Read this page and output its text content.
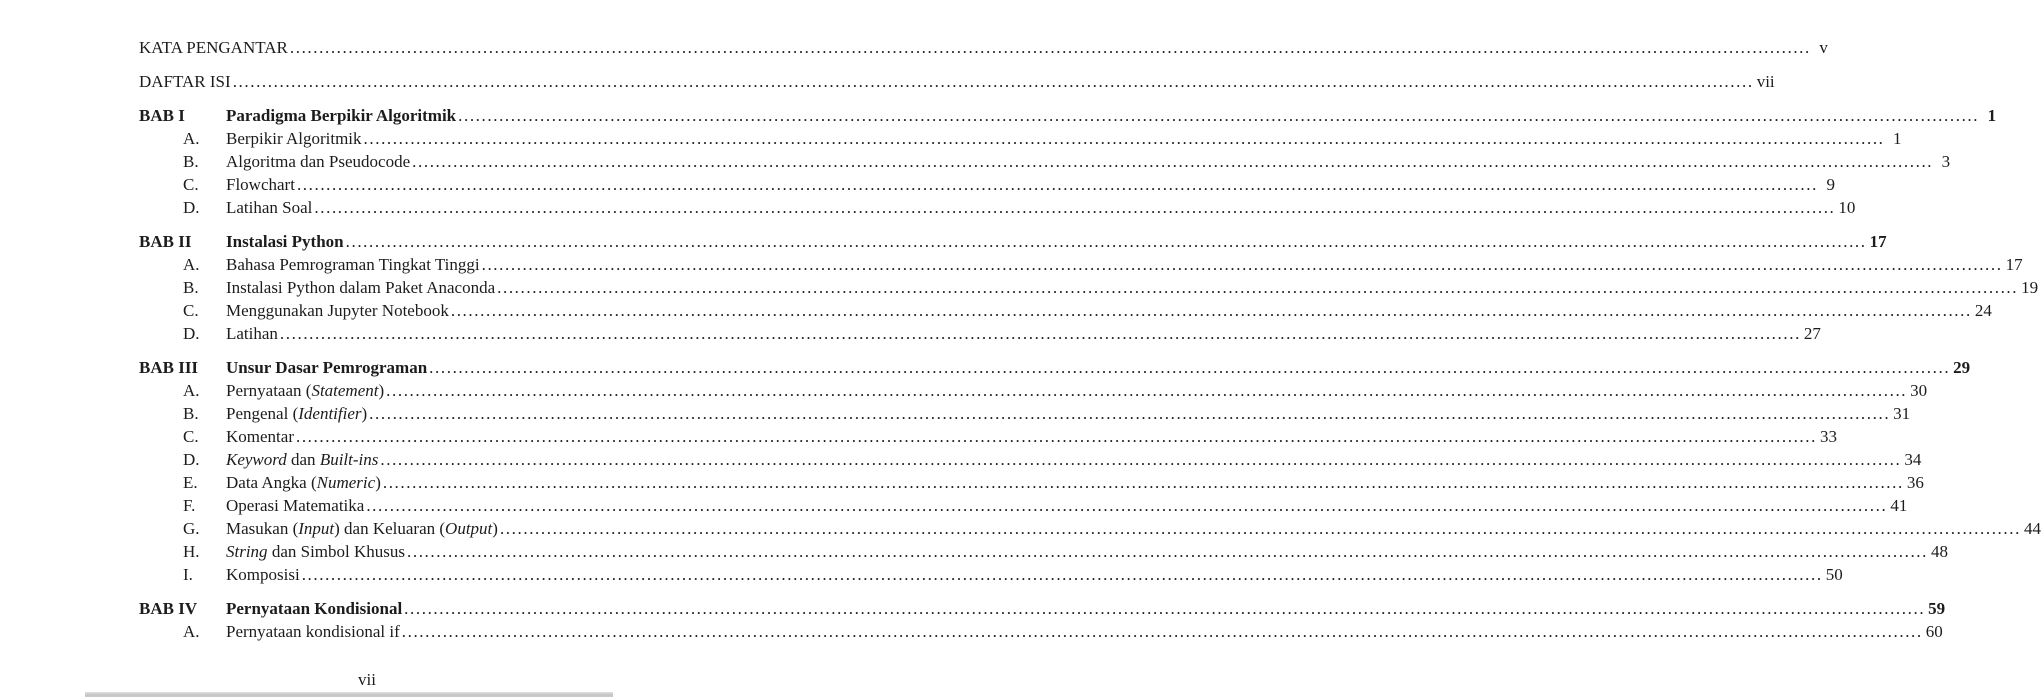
KATA PENGANTAR .................................................................................................................................................................................................................................................................... v
DAFTAR ISI .................................................................................................................................................................................................................................................................... vii
BAB I	Paradigma Berpikir Algoritmik .................................................................................................................................................................................................................................................................... 1
A.	Berpikir Algoritmik .................................................................................................................................................................................................................................................................... 1
B.	Algoritma dan Pseudocode .................................................................................................................................................................................................................................................................... 3
C.	Flowchart .................................................................................................................................................................................................................................................................... 9
D.	Latihan Soal .................................................................................................................................................................................................................................................................... 10
BAB II	Instalasi Python .................................................................................................................................................................................................................................................................... 17
A.	Bahasa Pemrograman Tingkat Tinggi .................................................................................................................................................................................................................................................................... 17
B.	Instalasi Python dalam Paket Anaconda .................................................................................................................................................................................................................................................................... 19
C.	Menggunakan Jupyter Notebook .................................................................................................................................................................................................................................................................... 24
D.	Latihan .................................................................................................................................................................................................................................................................... 27
BAB III	Unsur Dasar Pemrograman .................................................................................................................................................................................................................................................................... 29
A.	Pernyataan (Statement) .................................................................................................................................................................................................................................................................... 30
B.	Pengenal (Identifier) .................................................................................................................................................................................................................................................................... 31
C.	Komentar .................................................................................................................................................................................................................................................................... 33
D.	Keyword dan Built-ins .................................................................................................................................................................................................................................................................... 34
E.	Data Angka (Numeric) .................................................................................................................................................................................................................................................................... 36
F.	Operasi Matematika .................................................................................................................................................................................................................................................................... 41
G.	Masukan (Input) dan Keluaran (Output) .................................................................................................................................................................................................................................................................... 44
H.	String dan Simbol Khusus .................................................................................................................................................................................................................................................................... 48
I.	Komposisi .................................................................................................................................................................................................................................................................... 50
BAB IV	Pernyataan Kondisional .................................................................................................................................................................................................................................................................... 59
A.	Pernyataan kondisional if .................................................................................................................................................................................................................................................................... 60
vii
